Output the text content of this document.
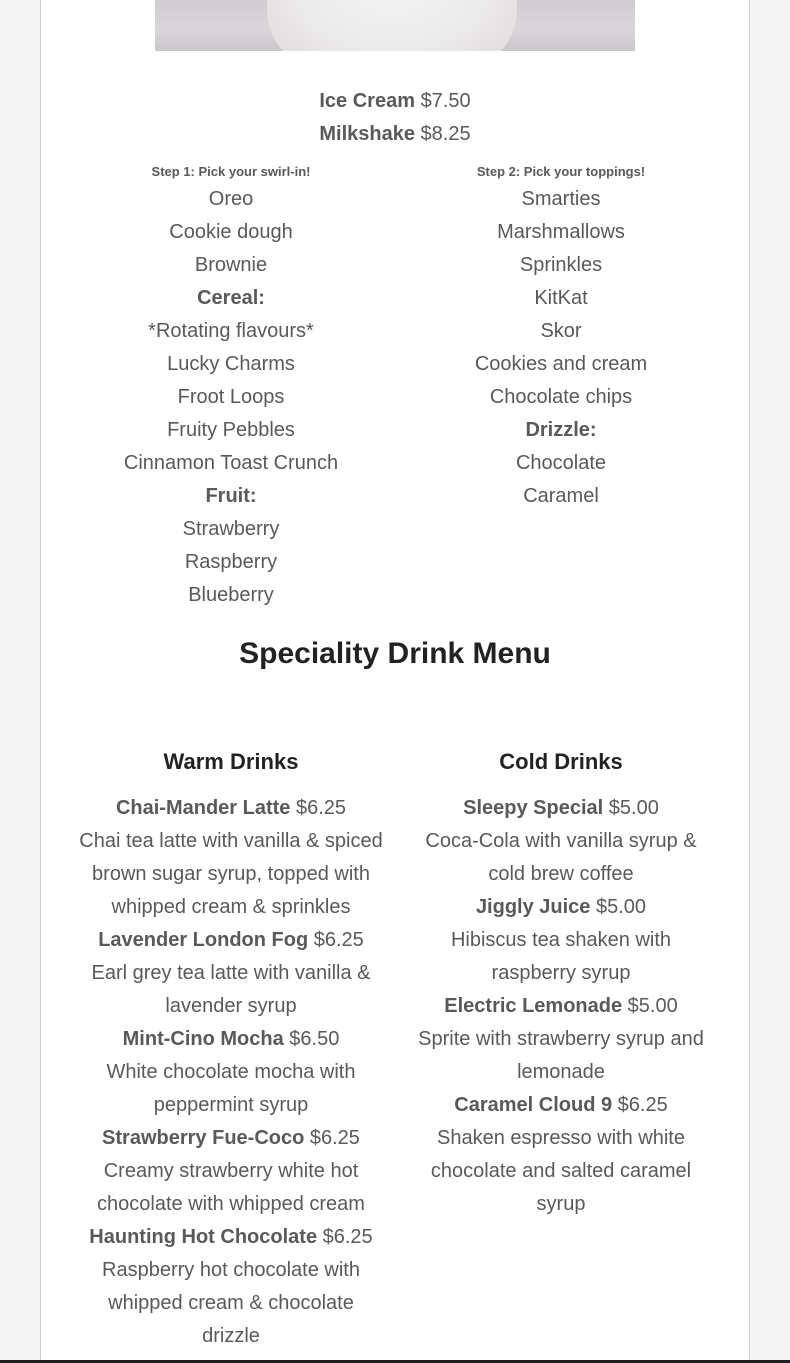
Ice Cream $7.50
Milkshake $8.25
Step 1: Pick your swirl-in!
Oreo
Cookie dough
Brownie
Cereal:
*Rotating flavours*
Lucky Charms
Froot Loops
Fruity Pebbles
Cinnamon Toast Crunch
Fruit:
Strawberry
Raspberry
Blueberry
Step 2: Pick your toppings!
Smarties
Marshmallows
Sprinkles
KitKat
Skor
Cookies and cream
Chocolate chips
Drizzle:
Chocolate
Caramel
Speciality Drink Menu
Warm Drinks
Chai-Mander Latte $6.25
Chai tea latte with vanilla & spiced
brown sugar syrup, topped with
whipped cream & sprinkles
Lavender London Fog $6.25
Earl grey tea latte with vanilla &
lavender syrup
Mint-Cino Mocha $6.50
White chocolate mocha with
peppermint syrup
Strawberry Fue-Coco $6.25
Creamy strawberry white hot
chocolate with whipped cream
Haunting Hot Chocolate $6.25
Raspberry hot chocolate with
whipped cream & chocolate
drizzle
Cold Drinks
Sleepy Special $5.00
Coca-Cola with vanilla syrup &
cold brew coffee
Jiggly Juice $5.00
Hibiscus tea shaken with
raspberry syrup
Electric Lemonade $5.00
Sprite with strawberry syrup and
lemonade
Caramel Cloud 9 $6.25
Shaken espresso with white
chocolate and salted caramel
syrup
